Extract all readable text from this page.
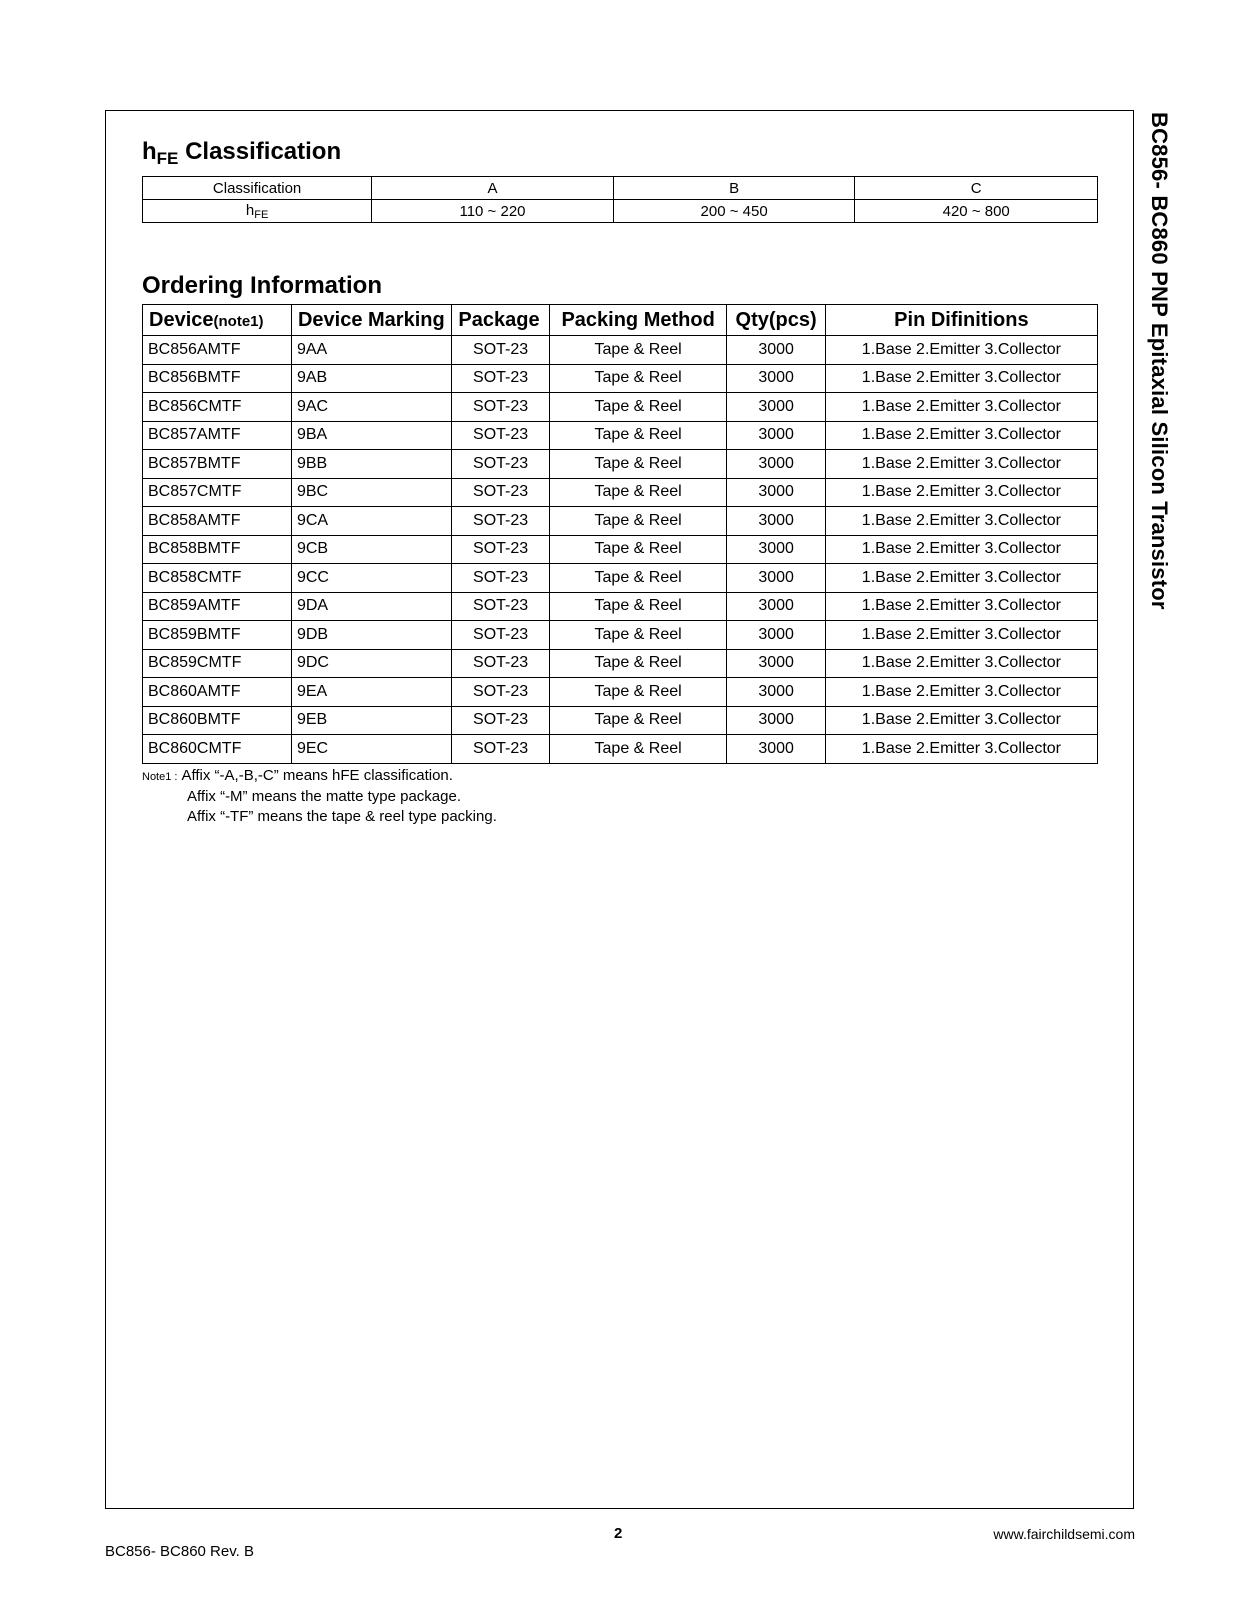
BC856- BC860 PNP Epitaxial Silicon Transistor
$h_{FE}$ Classification
Classification	A	B	C
$h_{FE}$	110 ~ 220	200 ~ 450	420 ~ 800
Ordering Information
Device(note1)	Device Marking	Package	Packing Method	Qty(pcs)	Pin Difinitions
BC856AMTF	9AA	SOT-23	Tape & Reel	3000	1.Base 2.Emitter 3.Collector
BC856BMTF	9AB	SOT-23	Tape & Reel	3000	1.Base 2.Emitter 3.Collector
BC856CMTF	9AC	SOT-23	Tape & Reel	3000	1.Base 2.Emitter 3.Collector
BC857AMTF	9BA	SOT-23	Tape & Reel	3000	1.Base 2.Emitter 3.Collector
BC857BMTF	9BB	SOT-23	Tape & Reel	3000	1.Base 2.Emitter 3.Collector
BC857CMTF	9BC	SOT-23	Tape & Reel	3000	1.Base 2.Emitter 3.Collector
BC858AMTF	9CA	SOT-23	Tape & Reel	3000	1.Base 2.Emitter 3.Collector
BC858BMTF	9CB	SOT-23	Tape & Reel	3000	1.Base 2.Emitter 3.Collector
BC858CMTF	9CC	SOT-23	Tape & Reel	3000	1.Base 2.Emitter 3.Collector
BC859AMTF	9DA	SOT-23	Tape & Reel	3000	1.Base 2.Emitter 3.Collector
BC859BMTF	9DB	SOT-23	Tape & Reel	3000	1.Base 2.Emitter 3.Collector
BC859CMTF	9DC	SOT-23	Tape & Reel	3000	1.Base 2.Emitter 3.Collector
BC860AMTF	9EA	SOT-23	Tape & Reel	3000	1.Base 2.Emitter 3.Collector
BC860BMTF	9EB	SOT-23	Tape & Reel	3000	1.Base 2.Emitter 3.Collector
BC860CMTF	9EC	SOT-23	Tape & Reel	3000	1.Base 2.Emitter 3.Collector
Note1 : Affix “-A,-B,-C” means hFE classification.
Affix “-M” means the matte type package.
Affix “-TF” means the tape & reel type packing.
2	www.fairchildsemi.com
BC856- BC860 Rev. B
